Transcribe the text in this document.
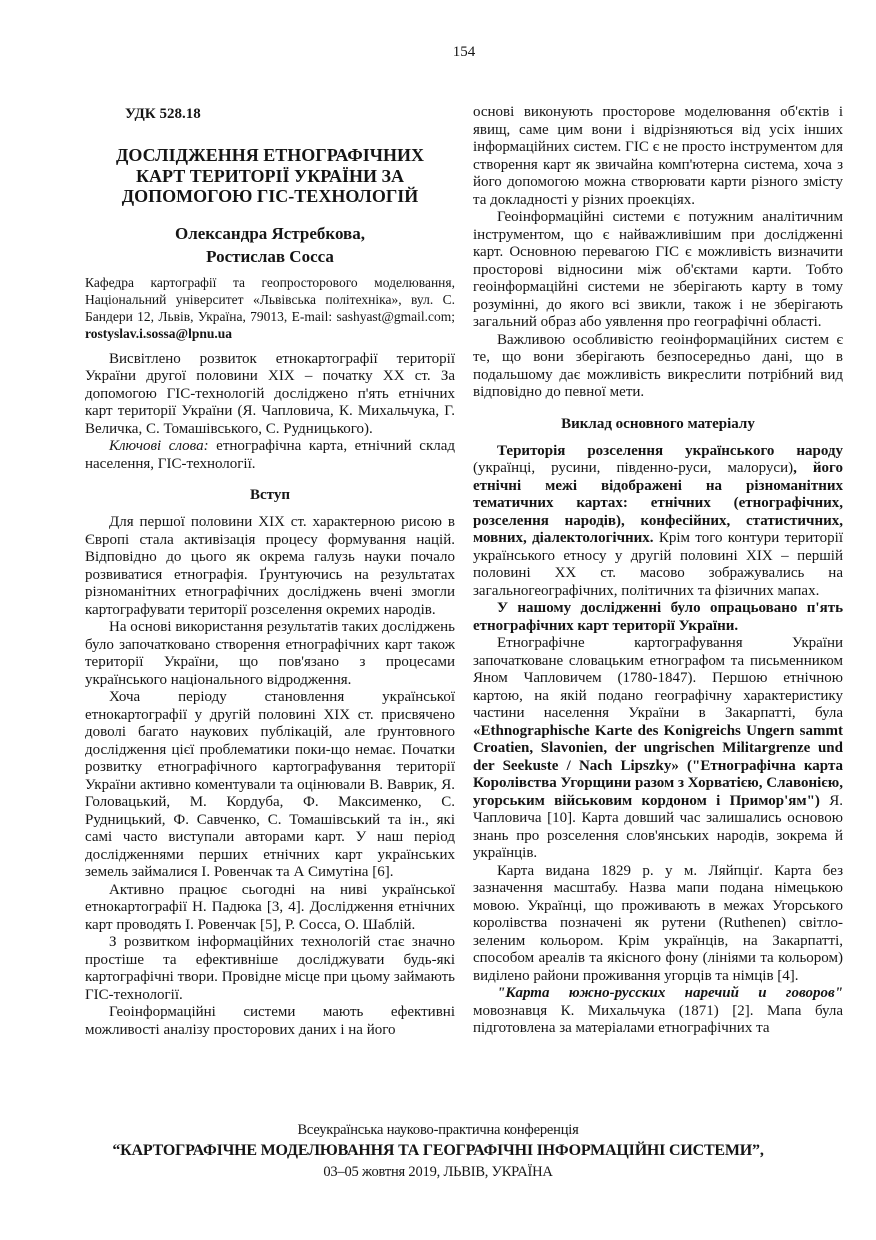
154
УДК 528.18
ДОСЛІДЖЕННЯ ЕТНОГРАФІЧНИХ КАРТ ТЕРИТОРІЇ УКРАЇНИ ЗА ДОПОМОГОЮ ГІС-ТЕХНОЛОГІЙ
Олександра Ястребкова,
Ростислав Сосса
Кафедра картографії та геопросторового моделювання, Національний університет «Львівська політехніка», вул. С. Бандери 12, Львів, Україна, 79013, E-mail: sashyast@gmail.com; rostyslav.i.sossa@lpnu.ua
Висвітлено розвиток етнокартографії території України другої половини XIX – початку XX ст. За допомогою ГІС-технологій досліджено п'ять етнічних карт території України (Я. Чапловича, К. Михальчука, Г. Величка, С. Томашівського, С. Рудницького).
Ключові слова: етнографічна карта, етнічний склад населення, ГІС-технології.
Вступ
Для першої половини XIX ст. характерною рисою в Європі стала активізація процесу формування націй. Відповідно до цього як окрема галузь науки почало розвиватися етнографія. Ґрунтуючись на результатах різноманітних етнографічних досліджень вчені змогли картографувати території розселення окремих народів.
На основі використання результатів таких досліджень було започатковано створення етнографічних карт також території України, що пов'язано з процесами українського національного відродження.
Хоча періоду становлення української етнокартографії у другій половині XIX ст. присвячено доволі багато наукових публікацій, але ґрунтовного дослідження цієї проблематики поки-що немає. Початки розвитку етнографічного картографування території України активно коментували та оцінювали В. Ваврик, Я. Головацький, М. Кордуба, Ф. Максименко, С. Рудницький, Ф. Савченко, С. Томашівський та ін., які самі часто виступали авторами карт. У наш період дослідженнями перших етнічних карт українських земель займалися І. Ровенчак та А Симутіна [6].
Активно працює сьогодні на ниві української етнокартографії Н. Падюка [3, 4]. Дослідження етнічних карт проводять І. Ровенчак [5], Р. Сосса, О. Шаблій.
З розвитком інформаційних технологій стає значно простіше та ефективніше досліджувати будь-які картографічні твори. Провідне місце при цьому займають ГІС-технології.
Геоінформаційні системи мають ефективні можливості аналізу просторових даних і на його
основі виконують просторове моделювання об'єктів і явищ, саме цим вони і відрізняються від усіх інших інформаційних систем. ГІС є не просто інструментом для створення карт як звичайна комп'ютерна система, хоча з його допомогою можна створювати карти різного змісту та докладності у різних проекціях.
Геоінформаційні системи є потужним аналітичним інструментом, що є найважливішим при дослідженні карт. Основною перевагою ГІС є можливість визначити просторові відносини між об'єктами карти. Тобто геоінформаційні системи не зберігають карту в тому розумінні, до якого всі звикли, також і не зберігають загальний образ або уявлення про географічні області.
Важливою особливістю геоінформаційних систем є те, що вони зберігають безпосередньо дані, що в подальшому дає можливість викреслити потрібний вид відповідно до певної мети.
Виклад основного матеріалу
Територія розселення українського народу (українці, русини, південно-руси, малоруси), його етнічні межі відображені на різноманітних тематичних картах: етнічних (етнографічних, розселення народів), конфесійних, статистичних, мовних, діалектологічних. Крім того контури території українського етносу у другій половині XIX – першій половині XX ст. масово зображувались на загальногеографічних, політичних та фізичних мапах.
У нашому дослідженні було опрацьовано п'ять етнографічних карт території України.
Етнографічне картографування України започатковане словацьким етнографом та письменником Яном Чапловичем (1780-1847). Першою етнічною картою, на якій подано географічну характеристику частини населення України в Закарпатті, була «Ethnographische Karte des Konigreichs Ungern sammt Croatien, Slavonien, der ungrischen Militargrenze und der Seekuste / Nach Lipszky» ("Етнографічна карта Королівства Угорщини разом з Хорватією, Славонією, угорським військовим кордоном і Примор'ям") Я. Чапловича [10]. Карта довший час залишались основою знань про розселення слов'янських народів, зокрема й українців.
Карта видана 1829 р. у м. Ляйпціґ. Карта без зазначення масштабу. Назва мапи подана німецькою мовою. Українці, що проживають в межах Угорського королівства позначені як рутени (Ruthenen) світло-зеленим кольором. Крім українців, на Закарпатті, способом ареалів та якісного фону (лініями та кольором) виділено райони проживання угорців та німців [4].
"Карта южно-русских наречий и говоров" мовознавця К. Михальчука (1871) [2]. Мапа була підготовлена за матеріалами етнографічних та
Всеукраїнська науково-практична конференція
“КАРТОГРАФІЧНЕ МОДЕЛЮВАННЯ ТА ГЕОГРАФІЧНІ ІНФОРМАЦІЙНІ СИСТЕМИ”,
03–05 жовтня 2019, ЛЬВІВ, УКРАЇНА
